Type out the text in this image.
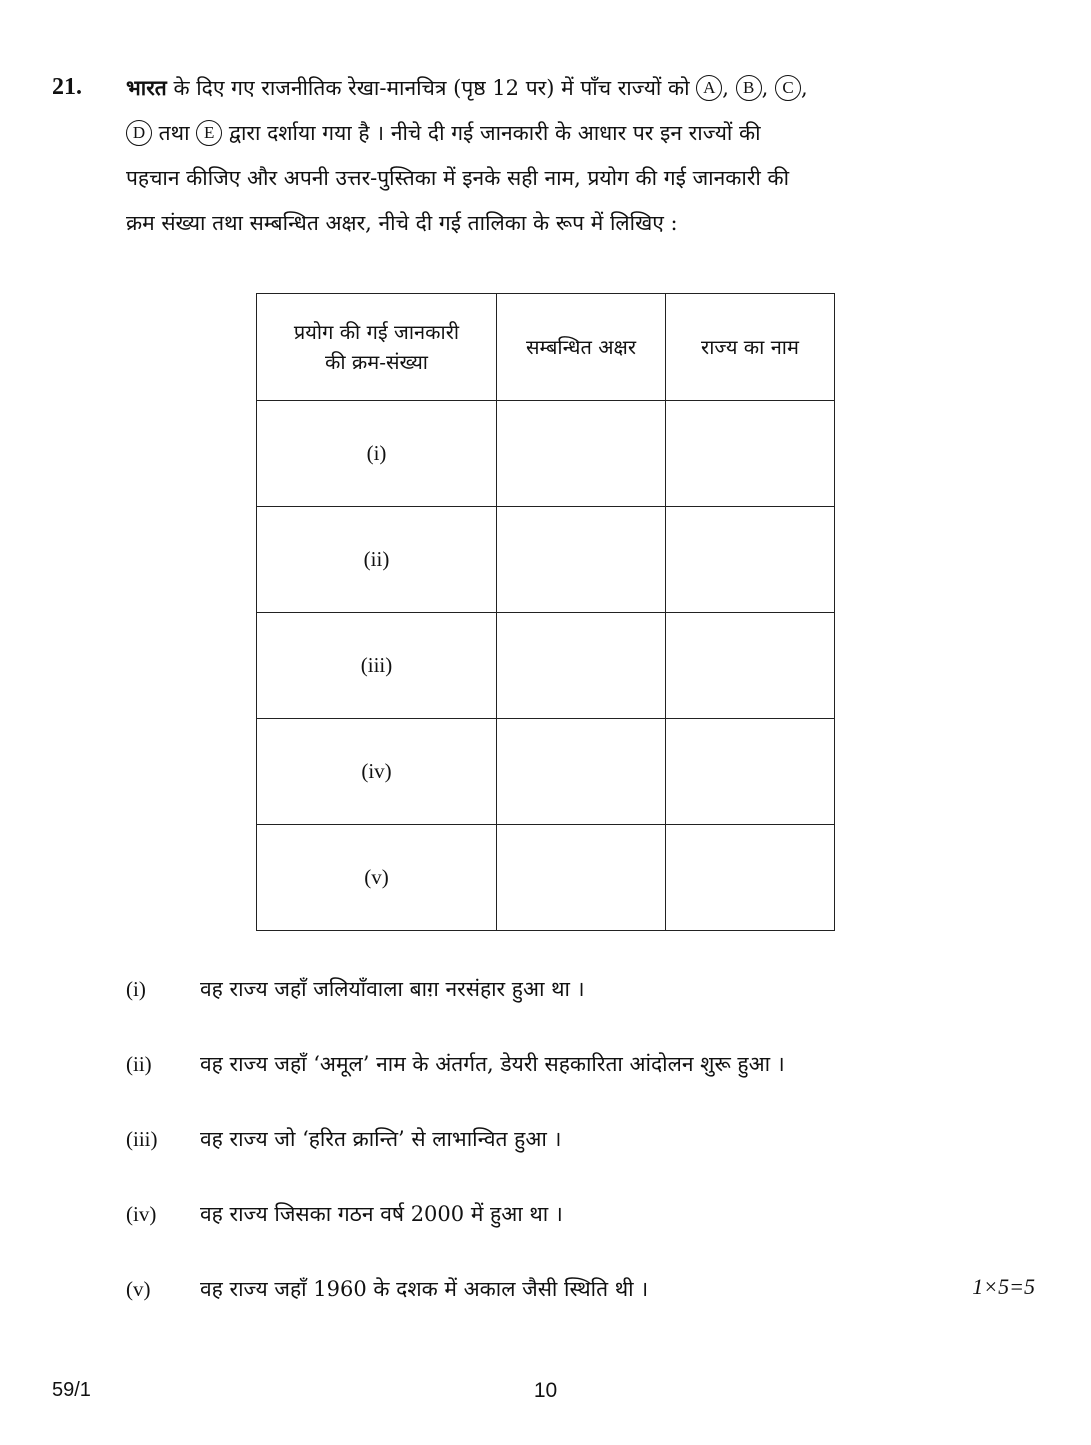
21. भारत के दिए गए राजनीतिक रेखा-मानचित्र (पृष्ठ 12 पर) में पाँच राज्यों को A , B , C ,
D तथा E द्वारा दर्शाया गया है । नीचे दी गई जानकारी के आधार पर इन राज्यों की
पहचान कीजिए और अपनी उत्तर-पुस्तिका में इनके सही नाम, प्रयोग की गई जानकारी की
क्रम संख्या तथा सम्बन्धित अक्षर, नीचे दी गई तालिका के रूप में लिखिए :
प्रयोग की गई जानकारी
की क्रम-संख्या	सम्बन्धित अक्षर	राज्य का नाम
(i)		
(ii)		
(iii)		
(iv)		
(v)		
(i)	वह राज्य जहाँ जलियाँवाला बाग़ नरसंहार हुआ था ।
(ii) वह राज्य जहाँ ‘अमूल’ नाम के अंतर्गत, डेयरी सहकारिता आंदोलन शुरू हुआ ।
(iii) वह राज्य जो ‘हरित क्रान्ति’ से लाभान्वित हुआ ।
(iv) वह राज्य जिसका गठन वर्ष 2000 में हुआ था ।
(v) वह राज्य जहाँ 1960 के दशक में अकाल जैसी स्थिति थी ।	1×5=5
59/1	10
